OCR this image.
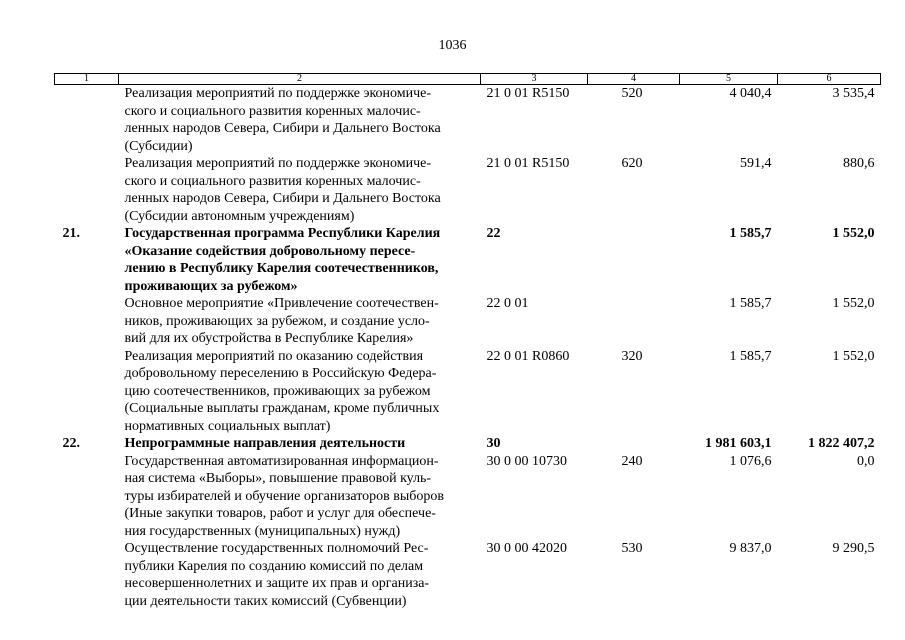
1036
1	2	3	4	5	6

	Реализация мероприятий по поддержке экономиче-
ского и социального развития коренных малочис-
ленных народов Севера, Сибири и Дальнего Востока
(Субсидии)	21 0 01 R5150	520	4 040,4	3 535,4

	Реализация мероприятий по поддержке экономиче-
ского и социального развития коренных малочис-
ленных народов Севера, Сибири и Дальнего Востока
(Субсидии автономным учреждениям)	21 0 01 R5150	620	591,4	880,6
21.	Государственная программа Республики Карелия
«Оказание содействия добровольному пересе-
лению в Республику Карелия соотечественников,
проживающих за рубежом»	22		1 585,7	1 552,0

	Основное мероприятие «Привлечение соотечествен-
ников, проживающих за рубежом, и создание усло-
вий для их обустройства в Республике Карелия»	22 0 01		1 585,7	1 552,0

	Реализация мероприятий по оказанию содействия
добровольному переселению в Российскую Федера-
цию соотечественников, проживающих за рубежом
(Социальные выплаты гражданам, кроме публичных
нормативных социальных выплат)	22 0 01 R0860	320	1 585,7	1 552,0
22.	Непрограммные направления деятельности	30		1 981 603,1	1 822 407,2

	Государственная автоматизированная информацион-
ная система «Выборы», повышение правовой куль-
туры избирателей и обучение организаторов выборов
(Иные закупки товаров, работ и услуг для обеспече-
ния государственных (муниципальных) нужд)	30 0 00 10730	240	1 076,6	0,0

	Осуществление государственных полномочий Рес-
публики Карелия по созданию комиссий по делам
несовершеннолетних и защите их прав и организа-
ции деятельности таких комиссий (Субвенции)	30 0 00 42020	530	9 837,0	9 290,5
